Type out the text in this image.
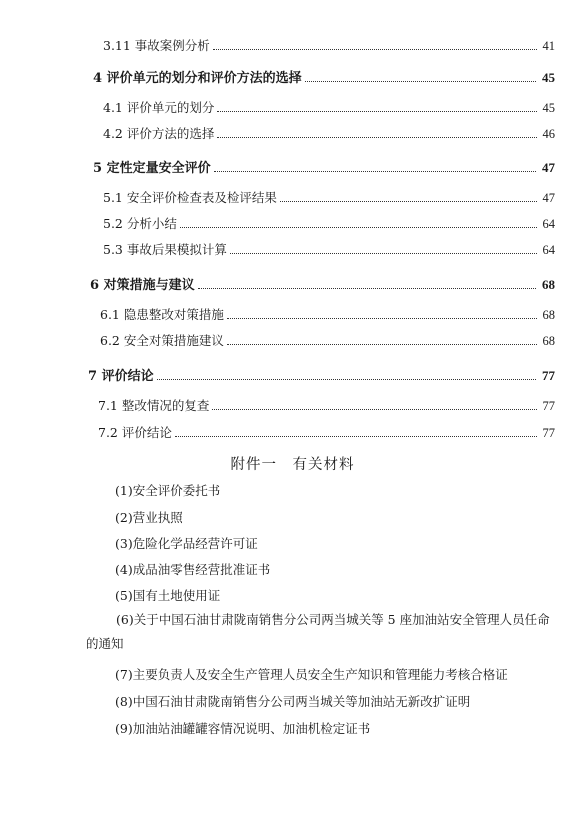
3.11 事故案例分析	41
4 评价单元的划分和评价方法的选择	45
4.1 评价单元的划分	45
4.2 评价方法的选择	46
5 定性定量安全评价	47
5.1 安全评价检查表及检评结果	47
5.2 分析小结	64
5.3 事故后果模拟计算	64
6 对策措施与建议	68
6.1 隐患整改对策措施	68
6.2 安全对策措施建议	68
7 评价结论	77
7.1 整改情况的复查	77
7.2 评价结论	77
附件一　有关材料
(1)安全评价委托书
(2)营业执照
(3)危险化学品经营许可证
(4)成品油零售经营批准证书
(5)国有土地使用证
(6)关于中国石油甘肃陇南销售分公司两当城关等 5 座加油站安全管理人员任命的通知
(7)主要负责人及安全生产管理人员安全生产知识和管理能力考核合格证
(8)中国石油甘肃陇南销售分公司两当城关等加油站无新改扩证明
(9)加油站油罐罐容情况说明、加油机检定证书
